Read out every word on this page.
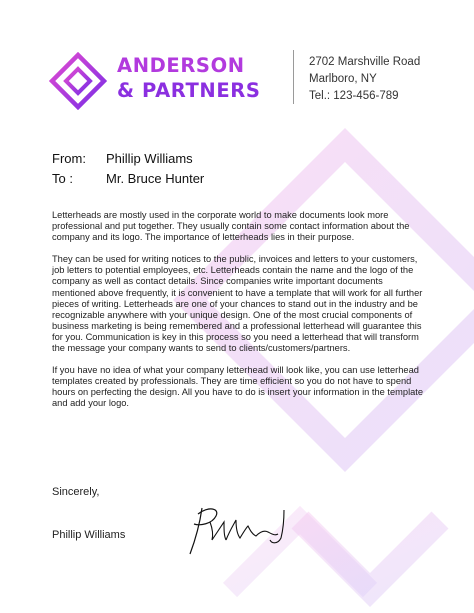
ANDERSON
& PARTNERS
2702 Marshville Road
Marlboro, NY
Tel.: 123-456-789
From: Phillip Williams
To :	Mr. Bruce Hunter

Letterheads are mostly used in the corporate world to make documents look more professional and put together. They usually contain some contact information about the company and its logo. The importance of letterheads lies in their purpose.

They can be used for writing notices to the public, invoices and letters to your customers, job letters to potential employees, etc. Letterheads contain the name and the logo of the company as well as contact details. Since companies write important documents mentioned above frequently, it is convenient to have a template that will work for all further pieces of writing. Letterheads are one of your chances to stand out in the industry and be recognizable anywhere with your unique design. One of the most crucial components of business marketing is being remembered and a professional letterhead will guarantee this for you. Communication is key in this process so you need a letterhead that will transform the message your company wants to send to clients/customers/partners.

If you have no idea of what your company letterhead will look like, you can use letterhead templates created by professionals. They are time efficient so you do not have to spend hours on perfecting the design. All you have to do is insert your information in the template and add your logo.

Sincerely,
Phillip Williams
